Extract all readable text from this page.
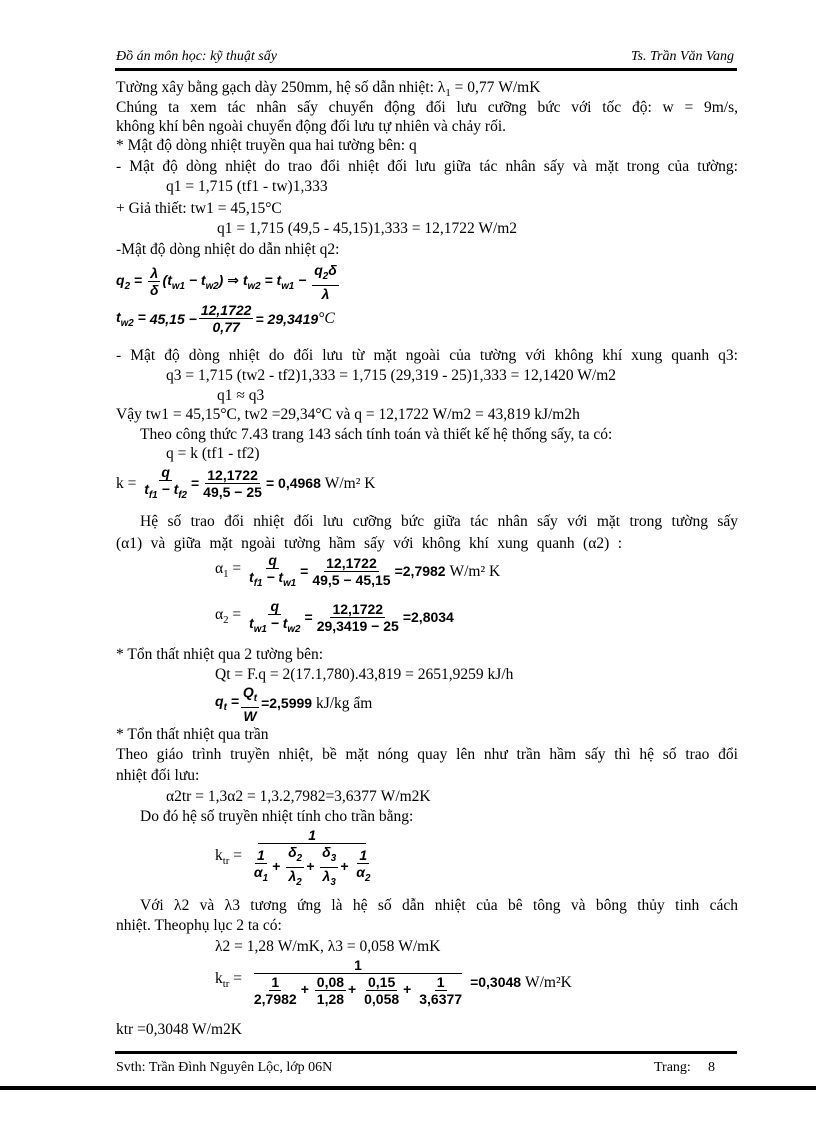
Đồ án môn học: kỹ thuật sấy	Ts. Trần Văn Vang
Tường xây bằng gạch dày 250mm, hệ số dẫn nhiệt: $\lambda_1 = 0,77$ W/mK
Chúng ta xem tác nhân sấy chuyển động đối lưu cưỡng bức với tốc độ: w = 9m/s,
không khí bên ngoài chuyển động đối lưu tự nhiên và chảy rối.
* Mật độ dòng nhiệt truyền qua hai tường bên: q
- Mật độ dòng nhiệt do trao đổi nhiệt đối lưu giữa tác nhân sấy và mặt trong của tường:
q1 = 1,715 (tf1 - tw)1,333
+ Giả thiết: tw1 = 45,15°C
q1 = 1,715 (49,5 - 45,15)1,333 = 12,1722 W/m2
-Mật độ dòng nhiệt do dẫn nhiệt q2:
$q_2 = \frac{\lambda}{\delta} (t_{w1} - t_{w2})$ ⇒ $t_{w2} = t_{w1} - \frac{q_2\delta}{\lambda}$
$t_{w2} = 45,15 - \frac{12,1722}{0,77} = 29,3419$ °C
- Mật độ dòng nhiệt do đối lưu từ mặt ngoài của tường với không khí xung quanh q3:
q3 = 1,715 (tw2 - tf2)1,333 = 1,715 (29,319 - 25)1,333 = 12,1420 W/m2
q1 ≈ q3
Vậy tw1 = 45,15°C, tw2 =29,34°C và q = 12,1722 W/m2 = 43,819 kJ/m2h
Theo công thức 7.43 trang 143 sách tính toán và thiết kế hệ thống sấy, ta có:
q = k (tf1 - tf2)
$k = \frac{q}{t_{f1} - t_{f2}} = \frac{12,1722}{49,5 - 25} = 0,4968$
W/m² K
Hệ số trao đổi nhiệt đối lưu cưỡng bức giữa tác nhân sấy với mặt trong tường sấy
(α1) và giữa mặt ngoài tường hầm sấy với không khí xung quanh (α2) :
$\alpha_1 = \frac{q}{t_{f1} - t_{w1}} = \frac{12,1722}{49,5 - 45,15} = 2,7982$
W/m² K
$\alpha_2 = \frac{q}{t_{w1} - t_{w2}} = \frac{12,1722}{29,3419 - 25} = 2,8034$
* Tổn thất nhiệt qua 2 tường bên:
Qt = F.q = 2(17.1,780).43,819 = 2651,9259 kJ/h
$q_t = \frac{Q_t}{W} = 2,5999$
kJ/kg ẩm
* Tổn thất nhiệt qua trần
Theo giáo trình truyền nhiệt, bề mặt nóng quay lên như trần hầm sấy thì hệ số trao đổi
nhiệt đối lưu:
α2tr = 1,3α2 = 1,3.2,7982=3,6377 W/m2K
Do đó hệ số truyền nhiệt tính cho trần bằng:
$k_{tr} = \frac{1}{\frac{1}{\alpha_1} + \frac{\delta_2}{\lambda_2} + \frac{\delta_3}{\lambda_3} + \frac{1}{\alpha_2}}$
Với λ2 và λ3 tương ứng là hệ số dẫn nhiệt của bê tông và bông thủy tinh cách
nhiệt. Theophụ lục 2 ta có:
λ2 = 1,28 W/mK, λ3 = 0,058 W/mK
$k_{tr} = \frac{1}{\frac{1}{2,7982} + \frac{0,08}{1,28} + \frac{0,15}{0,058} + \frac{1}{3,6377}} = 0,3048$
W/m²K
ktr =0,3048 W/m2K
Svth: Trần Đình Nguyên Lộc, lớp 06N	Trang: 8
